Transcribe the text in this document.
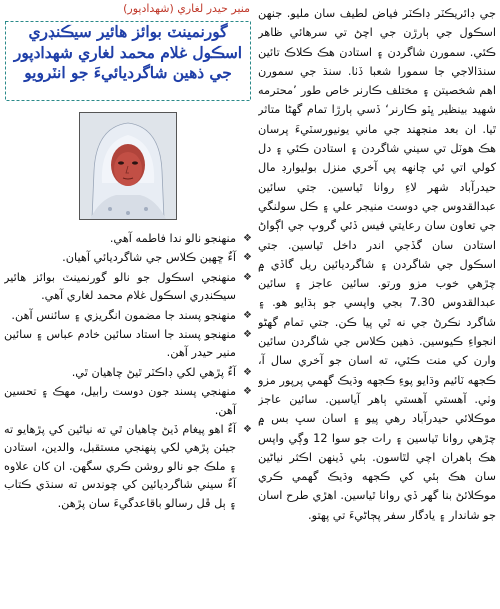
جي ڊائريڪٽر ڊاڪٽر فياض لطيف سان مليو. جنهن اسڪول جي ٻارڙن جي اچڻ تي سرهائي ظاهر ڪئي. سمورن شاگردن ۽ استادن هڪ ڪلاڪ تائين سنڌالاجي جا سمورا شعبا ڏٺا. سنڌ جي سمورن اهم شخصيتن ۽ مختلف ڪارنر خاص طور ’محترمه شهيد بينظير ڀٽو ڪارنر‘ ڏسي ٻارڙا تمام گهڻا متاثر ٿيا. ان بعد منجهند جي ماني يونيورسٽيءَ پرسان هڪ هوٽل تي سيني شاگردن ۽ استادن ڪئي ۽ دل کولي اتي ئي چانهه پي آخري منزل بوليوارڊ مال حيدرآباد شهر لاءِ روانا ٿياسين. جتي سائين عبدالقدوس جي دوست منيجر علي ۽ ڪل سولنگي جي تعاون سان رعايتي فيس ڏئي گروپ جي اڳواڻ استادن سان گڏجي اندر داخل ٿياسين. جتي اسڪول جي شاگردن ۽ شاگرديائين ريل گاڏي ۾ چڙهي خوب مزو ورتو. سائين عاجز ۽ سائين عبدالقدوس 7.30 بجي واپسي جو ٻڌايو هو. ۽ شاگرد نڪرڻ جي نه ٿي پيا ڪن. جتي تمام گهڻو انجواءِ ڪيوسين. ذهين ڪلاس جي شاگردن سائين وارن کي منت ڪئي، ته اسان جو آخري سال آ، ڪجهه ٽائيم وڌايو پوءِ ڪجهه وڌيڪ گهمي پرپور مزو وٺي. آهستي آهستي ٻاهر آياسين. سائين عاجز موڪلائي حيدرآباد رهي پيو ۽ اسان سڀ بس ۾ چڙهي روانا ٿياسين ۽ رات جو سوا 12 وڳي واپس هڪ ٻاهران اچي لٿاسون. ٻئي ڏينهن اڪثر نياڻين سان هڪ ٻئي کي ڪجهه وڌيڪ گهمي ڪري موڪلائڻ بنا گهر ڏي روانا ٿياسين. اهڙي طرح اسان جو شاندار ۽ يادگار سفر پڄاڻيءَ تي پهتو.

منير حيدر لغاري (شهدادپور)
گورنمينٽ بوائز هائير سيڪنڊري
اسڪول غلام محمد لغاري شهدادپور
جي ذهين شاگرديائيءَ جو انٽرويو
❖
منهنجو نالو ندا فاطمه آهي.
❖
آءٌ ڇهين ڪلاس جي شاگرديائي آهيان.
❖
منهنجي اسڪول جو نالو گورنمينٽ بوائز هائير سيڪنڊري اسڪول غلام محمد لغاري آهي.
❖
منهنجو پسند جا مضمون انگريزي ۽ سائنس آهن.
❖
منهنجو پسند جا استاد سائين خادم عباس ۽ سائين منير حيدر آهن.
❖
آءٌ پڙهي لکي ڊاڪٽر ٿيڻ چاهيان ٿي.
❖
منهنجي پسند جون دوست رابيل، مهڪ ۽ تحسين آهن.
❖
آءٌ اهو پيغام ڏيڻ چاهيان ٿي ته نياڻين کي پڙهايو ته جيئن پڙهي لکي پنهنجي مستقبل، والدين، استادن ۽ ملڪ جو نالو روشن ڪري سگهن. ان کان علاوه آءٌ سيني شاگرديائين کي چوندس ته سنڌي ڪتاب ۽ ٻل ڦل رسالو باقاعدگيءَ سان پڙهن.
